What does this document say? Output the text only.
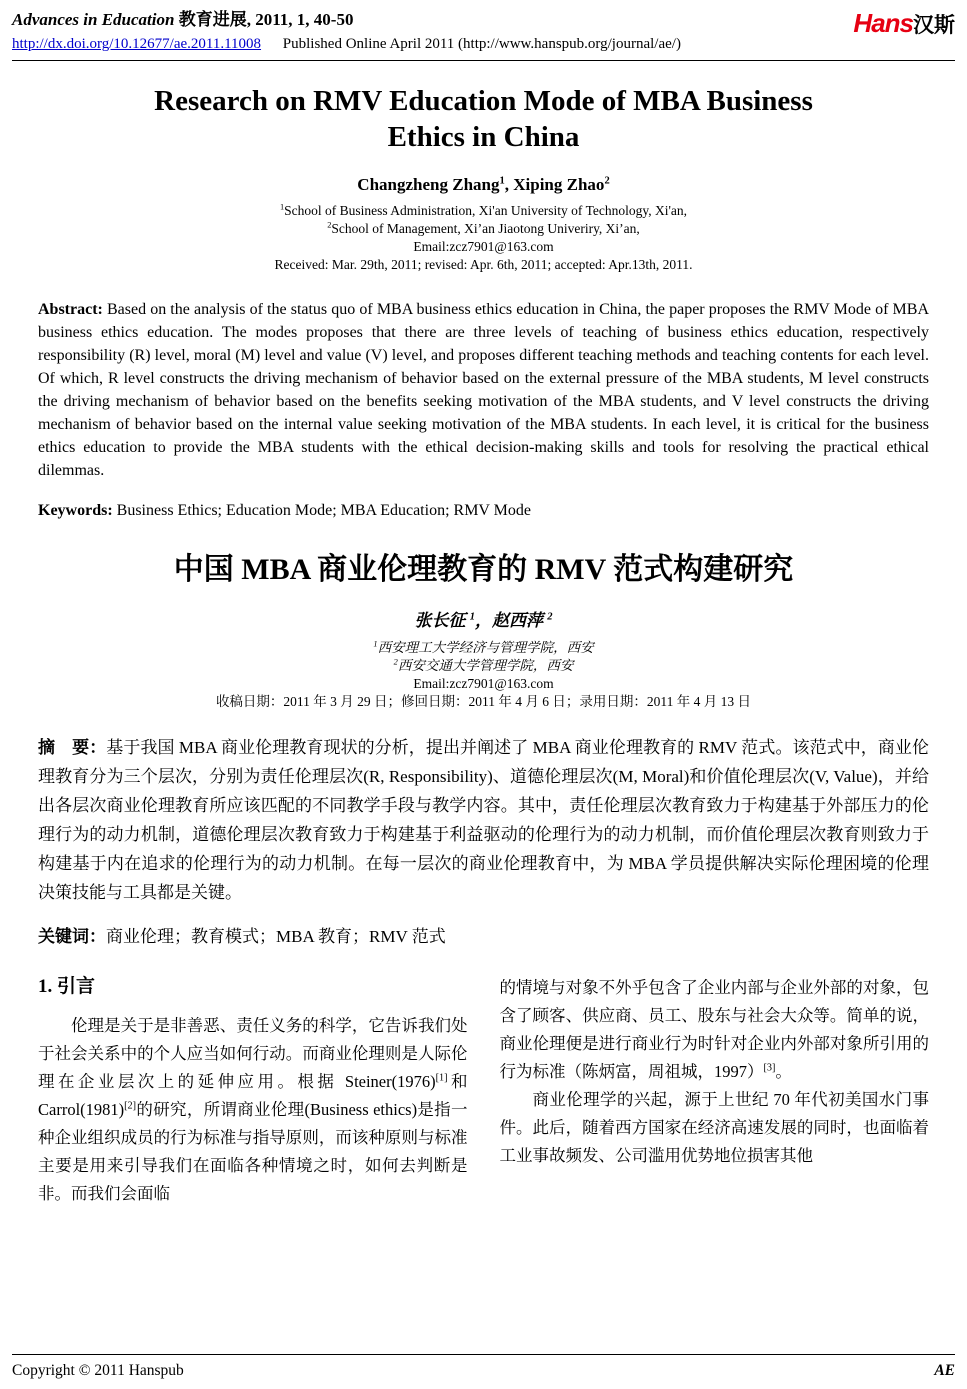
Advances in Education 教育进展, 2011, 1, 40-50
http://dx.doi.org/10.12677/ae.2011.11008 Published Online April 2011 (http://www.hanspub.org/journal/ae/)
Hans汉斯
Research on RMV Education Mode of MBA Business Ethics in China
Changzheng Zhang$^1$, Xiping Zhao$^2$
$^1$School of Business Administration, Xi'an University of Technology, Xi'an,
$^2$School of Management, Xi’an Jiaotong Univeriry, Xi’an,
Email:zcz7901@163.com
Received: Mar. 29th, 2011; revised: Apr. 6th, 2011; accepted: Apr.13th, 2011.

Abstract: Based on the analysis of the status quo of MBA business ethics education in China, the paper proposes the RMV Mode of MBA business ethics education. The modes proposes that there are three levels of teaching of business ethics education, respectively responsibility (R) level, moral (M) level and value (V) level, and proposes different teaching methods and teaching contents for each level. Of which, R level constructs the driving mechanism of behavior based on the external pressure of the MBA students, M level constructs the driving mechanism of behavior based on the benefits seeking motivation of the MBA students, and V level constructs the driving mechanism of behavior based on the internal value seeking motivation of the MBA students. In each level, it is critical for the business ethics education to provide the MBA students with the ethical decision-making skills and tools for resolving the practical ethical dilemmas.

Keywords: Business Ethics; Education Mode; MBA Education; RMV Mode

中国 MBA 商业伦理教育的 RMV 范式构建研究
张长征 $^1$，赵西萍 $^2$
$^1$西安理工大学经济与管理学院，西安
$^2$西安交通大学管理学院，西安
Email:zcz7901@163.com
收稿日期：2011 年 3 月 29 日；修回日期：2011 年 4 月 6 日；录用日期：2011 年 4 月 13 日

摘　要：基于我国 MBA 商业伦理教育现状的分析，提出并阐述了 MBA 商业伦理教育的 RMV 范式。该范式中，商业伦理教育分为三个层次，分别为责任伦理层次(R, Responsibility)、道德伦理层次(M, Moral)和价值伦理层次(V, Value)，并给出各层次商业伦理教育所应该匹配的不同教学手段与教学内容。其中，责任伦理层次教育致力于构建基于外部压力的伦理行为的动力机制，道德伦理层次教育致力于构建基于利益驱动的伦理行为的动力机制，而价值伦理层次教育则致力于构建基于内在追求的伦理行为的动力机制。在每一层次的商业伦理教育中，为 MBA 学员提供解决实际伦理困境的伦理决策技能与工具都是关键。

关键词：商业伦理；教育模式；MBA 教育；RMV 范式

1. 引言

伦理是关于是非善恶、责任义务的科学，它告诉我们处于社会关系中的个人应当如何行动。而商业伦理则是人际伦理在企业层次上的延伸应用。根据 Steiner(1976)[1]和 Carrol(1981)[2]的研究，所谓商业伦理(Business ethics)是指一种企业组织成员的行为标准与指导原则，而该种原则与标准主要是用来引导我们在面临各种情境之时，如何去判断是非。而我们会面临

的情境与对象不外乎包含了企业内部与企业外部的对象，包含了顾客、供应商、员工、股东与社会大众等。简单的说，商业伦理便是进行商业行为时针对企业内外部对象所引用的行为标准（陈炳富，周祖城，1997）[3]。

商业伦理学的兴起，源于上世纪 70 年代初美国水门事件。此后，随着西方国家在经济高速发展的同时，也面临着工业事故频发、公司滥用优势地位损害其他

Copyright © 2011 Hanspub	AE
